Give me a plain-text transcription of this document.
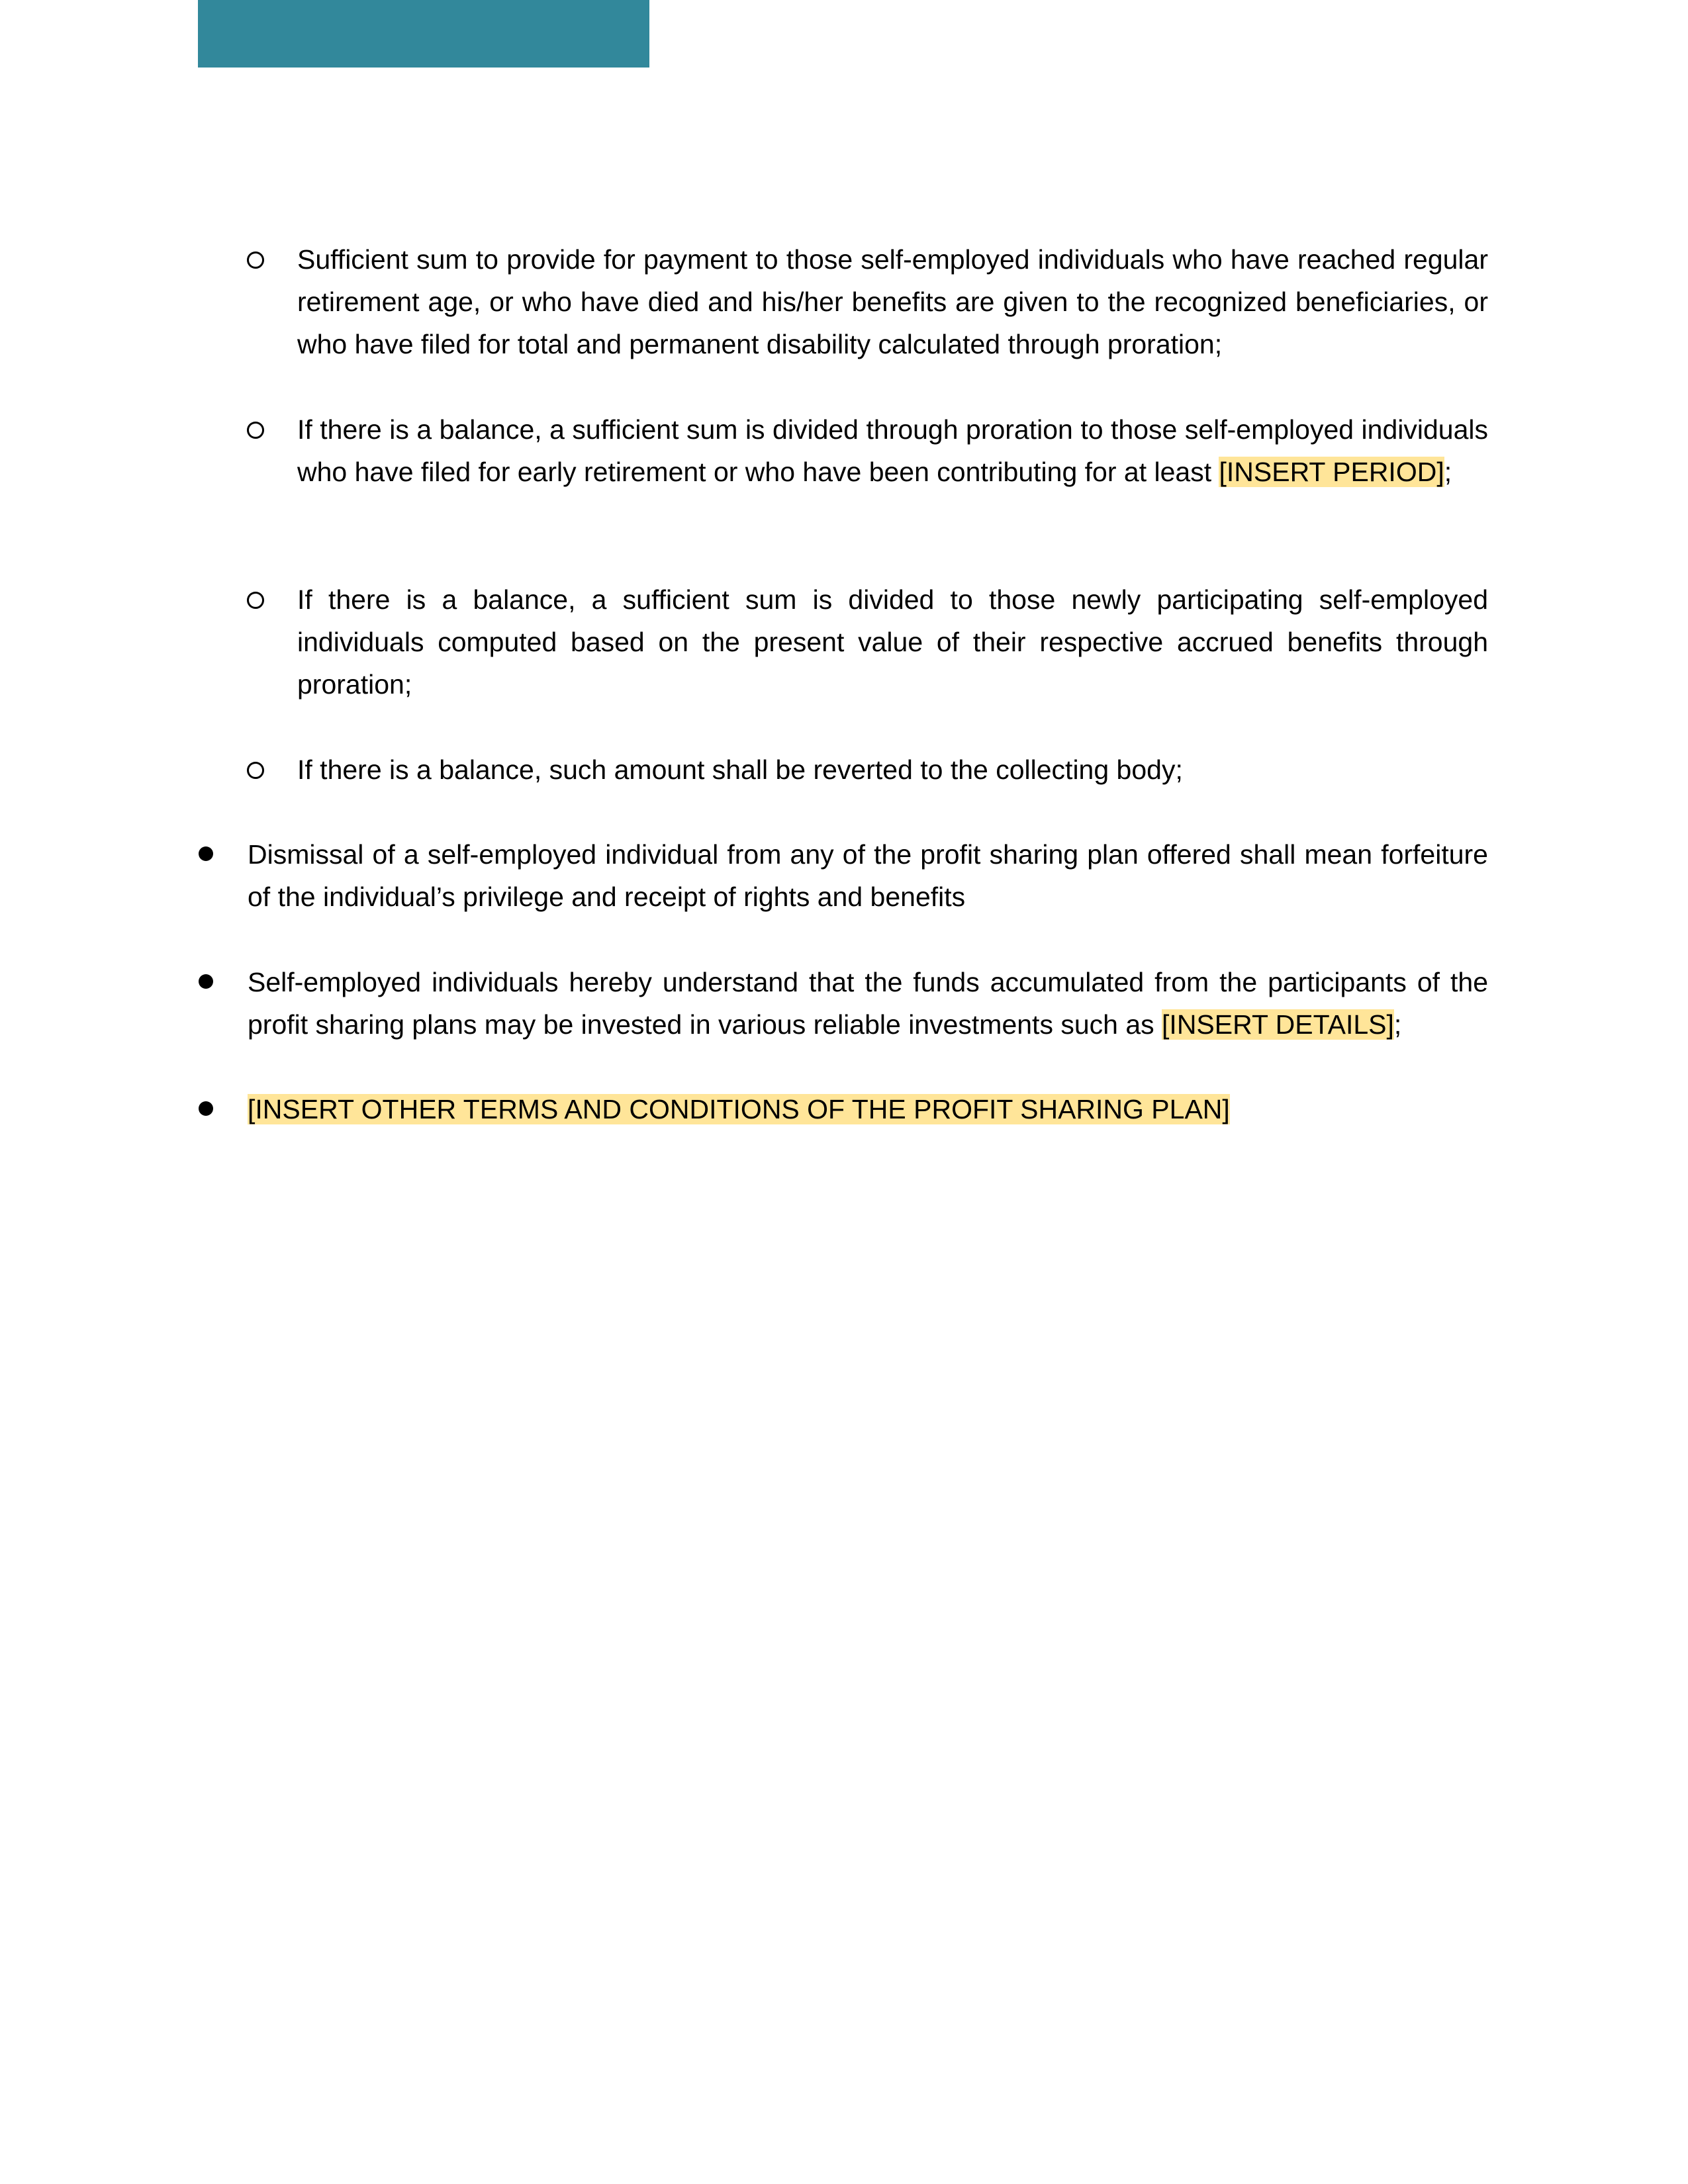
Sufficient sum to provide for payment to those self-employed individuals who have reached regular retirement age, or who have died and his/her benefits are given to the recognized beneficiaries, or who have filed for total and permanent disability calculated through proration;
If there is a balance, a sufficient sum is divided through proration to those self-employed individuals who have filed for early retirement or who have been contributing for at least [INSERT PERIOD];
If there is a balance, a sufficient sum is divided to those newly participating self-employed individuals computed based on the present value of their respective accrued benefits through proration;
If there is a balance, such amount shall be reverted to the collecting body;
Dismissal of a self-employed individual from any of the profit sharing plan offered shall mean forfeiture of the individual’s privilege and receipt of rights and benefits
Self-employed individuals hereby understand that the funds accumulated from the participants of the profit sharing plans may be invested in various reliable investments such as [INSERT DETAILS];
[INSERT OTHER TERMS AND CONDITIONS OF THE PROFIT SHARING PLAN]
